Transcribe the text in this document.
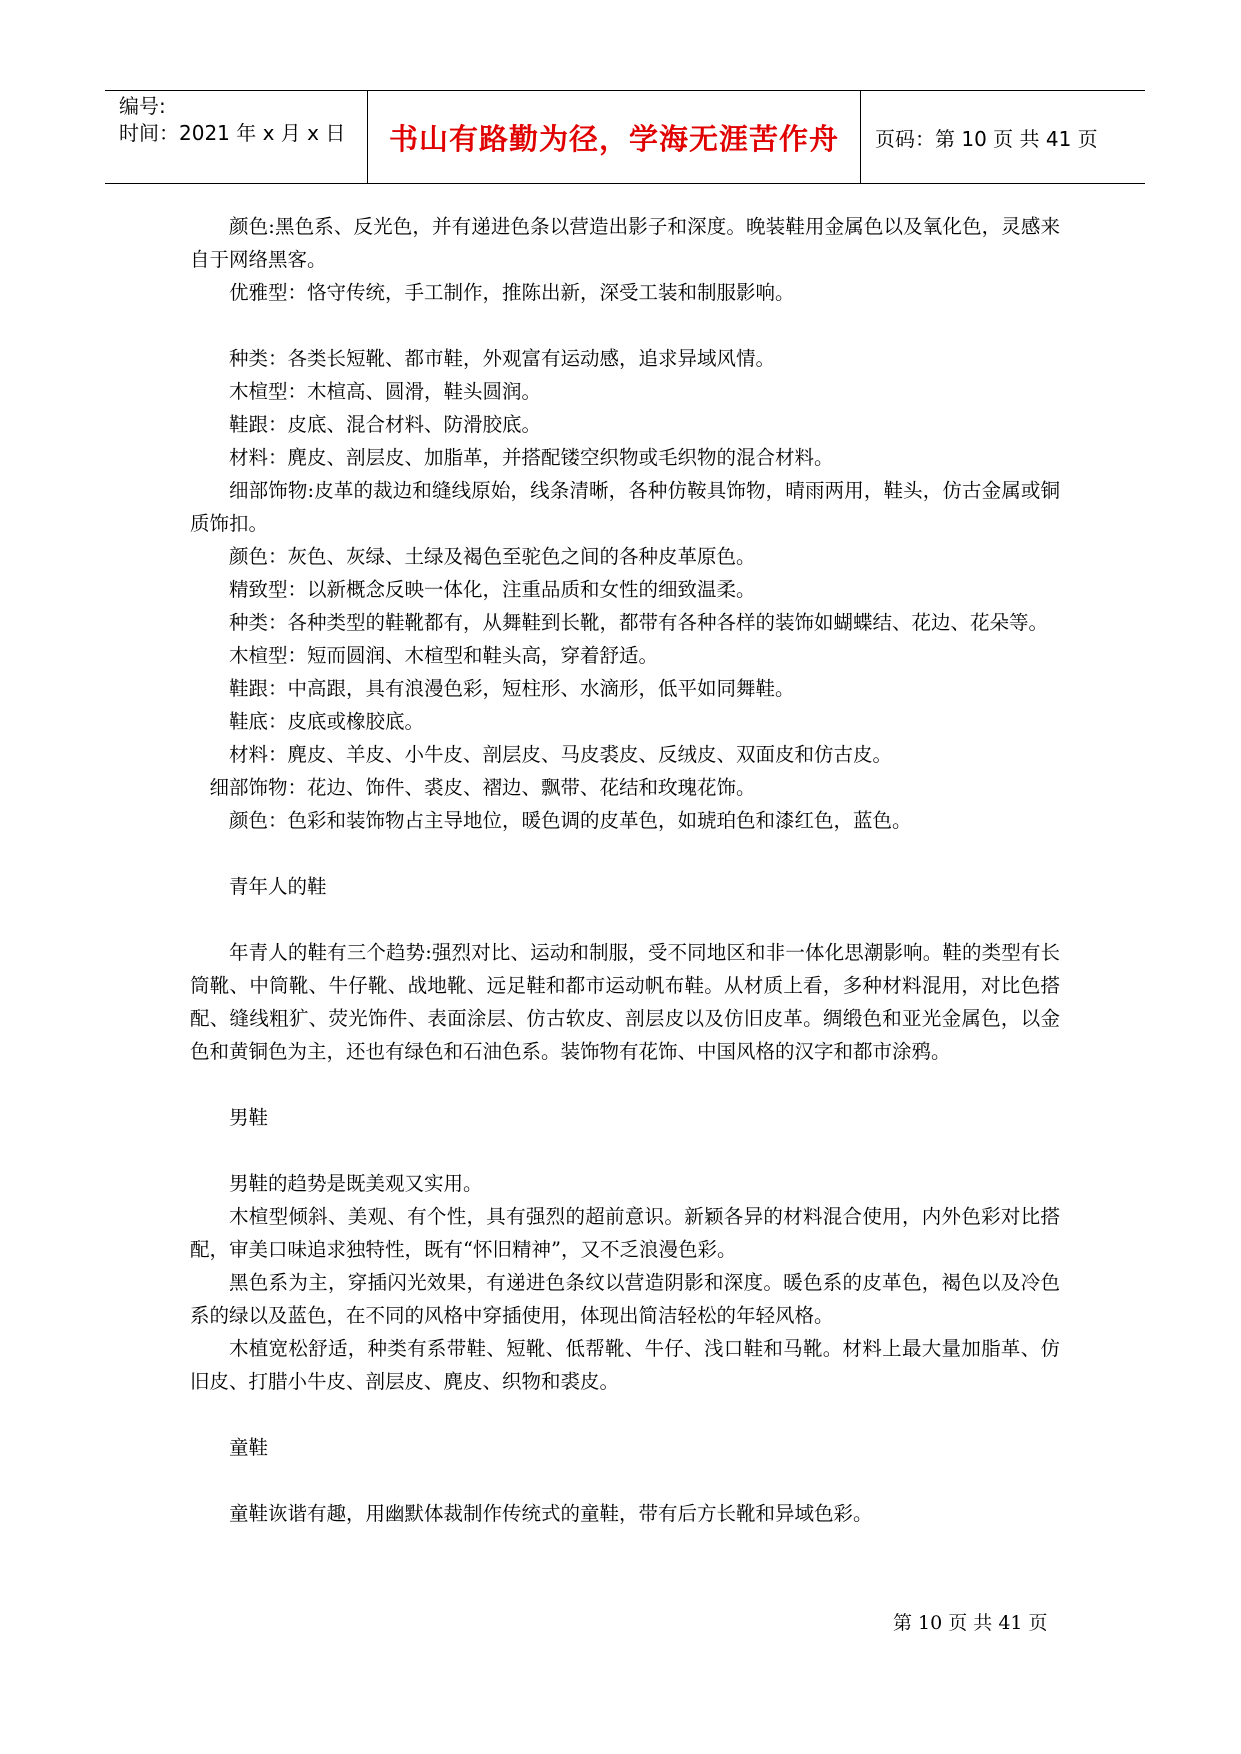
编号:
时间：2021 年 x 月 x 日	书山有路勤为径，学海无涯苦作舟	页码：第 10 页 共 41 页

颜色:黑色系、反光色，并有递进色条以营造出影子和深度。晚装鞋用金属色以及氧化色，灵感来自于网络黑客。

优雅型：恪守传统，手工制作，推陈出新，深受工装和制服影响。

种类：各类长短靴、都市鞋，外观富有运动感，追求异域风情。

木楦型：木楦高、圆滑，鞋头圆润。

鞋跟：皮底、混合材料、防滑胶底。

材料：麂皮、剖层皮、加脂革，并搭配镂空织物或毛织物的混合材料。

细部饰物:皮革的裁边和缝线原始，线条清晰，各种仿鞍具饰物，晴雨两用，鞋头，仿古金属或铜质饰扣。

颜色：灰色、灰绿、土绿及褐色至驼色之间的各种皮革原色。

精致型：以新概念反映一体化，注重品质和女性的细致温柔。

种类：各种类型的鞋靴都有，从舞鞋到长靴，都带有各种各样的装饰如蝴蝶结、花边、花朵等。

木楦型：短而圆润、木楦型和鞋头高，穿着舒适。

鞋跟：中高跟，具有浪漫色彩，短柱形、水滴形，低平如同舞鞋。

鞋底：皮底或橡胶底。

材料：麂皮、羊皮、小牛皮、剖层皮、马皮裘皮、反绒皮、双面皮和仿古皮。

细部饰物：花边、饰件、裘皮、褶边、飘带、花结和玫瑰花饰。

颜色：色彩和装饰物占主导地位，暖色调的皮革色，如琥珀色和漆红色，蓝色。

青年人的鞋

年青人的鞋有三个趋势:强烈对比、运动和制服，受不同地区和非一体化思潮影响。鞋的类型有长筒靴、中筒靴、牛仔靴、战地靴、远足鞋和都市运动帆布鞋。从材质上看，多种材料混用，对比色搭配、缝线粗犷、荧光饰件、表面涂层、仿古软皮、剖层皮以及仿旧皮革。绸缎色和亚光金属色，以金色和黄铜色为主，还也有绿色和石油色系。装饰物有花饰、中国风格的汉字和都市涂鸦。

男鞋

男鞋的趋势是既美观又实用。

木楦型倾斜、美观、有个性，具有强烈的超前意识。新颖各异的材料混合使用，内外色彩对比搭配，审美口味追求独特性，既有“怀旧精神”，又不乏浪漫色彩。

黑色系为主，穿插闪光效果，有递进色条纹以营造阴影和深度。暖色系的皮革色，褐色以及冷色系的绿以及蓝色，在不同的风格中穿插使用，体现出简洁轻松的年轻风格。

木植宽松舒适，种类有系带鞋、短靴、低帮靴、牛仔、浅口鞋和马靴。材料上最大量加脂革、仿旧皮、打腊小牛皮、剖层皮、麂皮、织物和裘皮。

童鞋

童鞋诙谐有趣，用幽默体裁制作传统式的童鞋，带有后方长靴和异域色彩。

第 10 页 共 41 页
